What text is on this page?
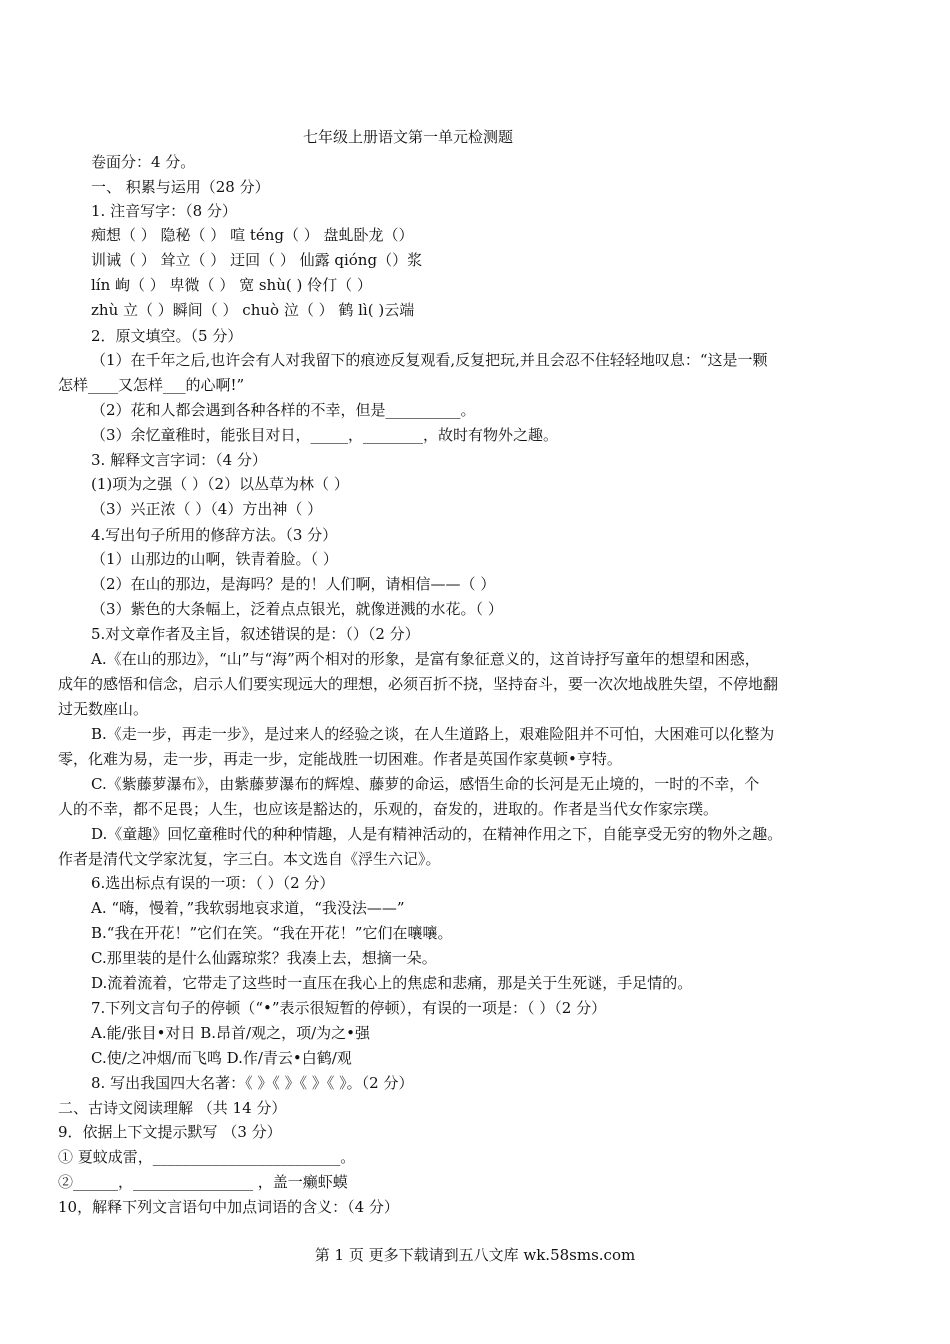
七年级上册语文第一单元检测题
卷面分：4 分。
一、 积累与运用（28 分）
1. 注音写字：（8 分）
痴想（ ） 隐秘（ ） 喧 téng（ ） 盘虬卧龙（）
训诫（ ） 耸立（ ） 迂回（ ） 仙露 qióng（）浆
lín 峋（ ） 卑微（ ） 宽 shù( ) 伶仃（ ）
zhù 立（ ）瞬间（ ） chuò 泣（ ） 鹤 lì( )云端
2．原文填空。（5 分）
（1）在千年之后,也许会有人对我留下的痕迹反复观看,反复把玩,并且会忍不住轻轻地叹息：“这是一颗
怎样____又怎样___的心啊!”
（2）花和人都会遇到各种各样的不幸，但是__________。
（3）余忆童稚时，能张目对日，_____，________，故时有物外之趣。
3. 解释文言字词：（4 分）
(1)项为之强（ ）（2）以丛草为林（ ）
（3）兴正浓（ ）（4）方出神（ ）
4.写出句子所用的修辞方法。（3 分）
（1）山那边的山啊，铁青着脸。（ ）
（2）在山的那边，是海吗？是的！人们啊，请相信——（ ）
（3）紫色的大条幅上，泛着点点银光，就像迸溅的水花。（ ）
5.对文章作者及主旨，叙述错误的是：（）（2 分）
A.《在山的那边》，“山”与“海”两个相对的形象，是富有象征意义的，这首诗抒写童年的想望和困惑，
成年的感悟和信念，启示人们要实现远大的理想，必须百折不挠，坚持奋斗，要一次次地战胜失望，不停地翻
过无数座山。
B.《走一步，再走一步》，是过来人的经验之谈，在人生道路上，艰难险阻并不可怕，大困难可以化整为
零，化难为易，走一步，再走一步，定能战胜一切困难。作者是英国作家莫顿•亨特。
C.《紫藤萝瀑布》，由紫藤萝瀑布的辉煌、藤萝的命运，感悟生命的长河是无止境的，一时的不幸，个
人的不幸，都不足畏；人生，也应该是豁达的，乐观的，奋发的，进取的。作者是当代女作家宗璞。
D.《童趣》回忆童稚时代的种种情趣，人是有精神活动的，在精神作用之下，自能享受无穷的物外之趣。
作者是清代文学家沈复，字三白。本文选自《浮生六记》。
6.选出标点有误的一项：（ ）（2 分）
A. “嗨，慢着，”我软弱地哀求道，“我没法——”
B.“我在开花！”它们在笑。“我在开花！”它们在嚷嚷。
C.那里装的是什么仙露琼浆？我凑上去，想摘一朵。
D.流着流着，它带走了这些时一直压在我心上的焦虑和悲痛，那是关于生死谜，手足情的。
7.下列文言句子的停顿（“•”表示很短暂的停顿），有误的一项是：（ ）（2 分）
A.能/张目•对日 B.昂首/观之，项/为之•强
C.使/之冲烟/而飞鸣 D.作/青云•白鹤/观
8. 写出我国四大名著：《 》《 》《 》《 》。（2 分）
二、古诗文阅读理解 （共 14 分）
9．依据上下文提示默写 （3 分）
① 夏蚊成雷，_________________________。
②______，________________ ，盖一癞虾蟆
10，解释下列文言语句中加点词语的含义：（4 分）
第 1 页 更多下载请到五八文库 wk.58sms.com
